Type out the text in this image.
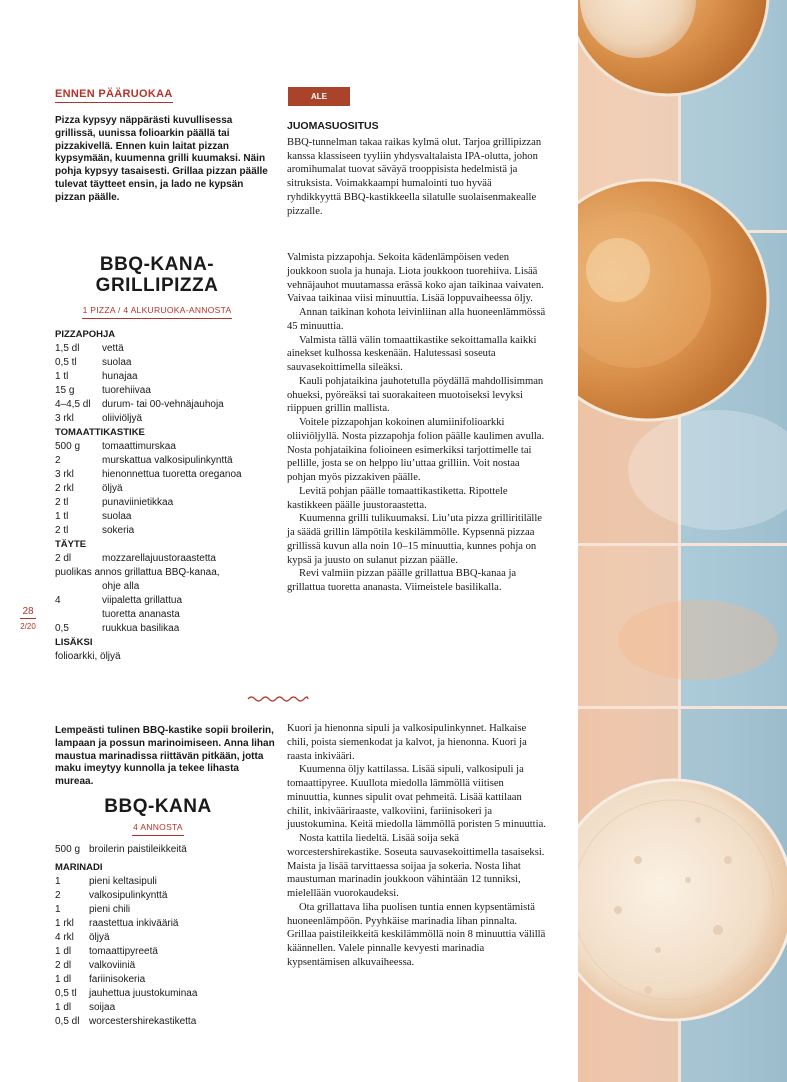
ENNEN PÄÄRUOKAA	ALE
Pizza kypsyy näppärästi kuvullisessa grillissä, uunissa folioarkin päällä tai pizzakivellä. Ennen kuin laitat pizzan kypsymään, kuumenna grilli kuumaksi. Näin pohja kypsyy tasaisesti. Grillaa pizzan päälle tulevat täytteet ensin, ja lado ne kypsän pizzan päälle.
JUOMASUOSITUS

BBQ-tunnelman takaa raikas kylmä olut. Tarjoa grillipizzan kanssa klassiseen tyyliin yhdysvaltalaista IPA-olutta, johon aromihumalat tuovat säväyä trooppisista hedelmistä ja sitruksista. Voimakkaampi humalointi tuo hyvää ryhdikkyyttä BBQ-kastikkeella silatulle suolaisenmakealle pizzalle.

BBQ-KANA-
GRILLIPIZZA
1 PIZZA / 4 ALKURUOKA-ANNOSTA
PIZZAPOHJA
1,5 dl	vettä
0,5 tl	suolaa
1 tl	hunajaa
15 g	tuorehiivaa
4–4,5 dl	durum- tai 00-vehnäjauhoja
3 rkl	oliiviöljyä
TOMAATTIKASTIKE
500 g	tomaattimurskaa
2	murskattua valkosipulinkynttä
3 rkl	hienonnettua tuoretta oreganoa
2 rkl	öljyä
2 tl	punaviinietikkaa
1 tl	suolaa
2 tl	sokeria
TÄYTE
2 dl	mozzarellajuustoraastetta
puolikas annos grillattua BBQ-kanaa,
ohje alla
4	viipaletta grillattua
tuoretta ananasta
0,5	ruukkua basilikaa
LISÄKSI
folioarkki, öljyä

Valmista pizzapohja. Sekoita kädenlämpöisen veden joukkoon suola ja hunaja. Liota joukkoon tuorehiiva. Lisää vehnäjauhot muutamassa erässä koko ajan taikinaa vaivaten. Vaivaa taikinaa viisi minuuttia. Lisää loppuvaiheessa öljy.

Annan taikinan kohota leivinliinan alla huoneenlämmössä 45 minuuttia.

Valmista tällä välin tomaattikastike sekoittamalla kaikki ainekset kulhossa keskenään. Halutessasi soseuta sauvasekoittimella sileäksi.

Kauli pohjataikina jauhotetulla pöydällä mahdollisimman ohueksi, pyöreäksi tai suorakaiteen muotoiseksi levyksi riippuen grillin mallista.

Voitele pizzapohjan kokoinen alumiinifolioarkki oliiviöljyllä. Nosta pizzapohja folion päälle kaulimen avulla. Nosta pohjataikina folioineen esimerkiksi tarjottimelle tai pellille, josta se on helppo liu’uttaa grilliin. Voit nostaa pohjan myös pizzakiven päälle.

Levitä pohjan päälle tomaattikastiketta. Ripottele kastikkeen päälle juustoraastetta.

Kuumenna grilli tulikuumaksi. Liu’uta pizza grilliritilälle ja säädä grillin lämpötila keskilämmölle. Kypsennä pizzaa grillissä kuvun alla noin 10–15 minuuttia, kunnes pohja on kypsä ja juusto on sulanut pizzan päälle.

Revi valmiin pizzan päälle grillattua BBQ-kanaa ja grillattua tuoretta ananasta. Viimeistele basilikalla.

28
2/20
Lempeästi tulinen BBQ-kastike sopii broilerin, lampaan ja possun marinoimiseen. Anna lihan maustua marinadissa riittävän pitkään, jotta maku imeytyy kunnolla ja tekee lihasta mureaa.
BBQ-KANA
4 ANNOSTA
500 g broilerin paistileikkeitä
MARINADI
1	pieni keltasipuli
2	valkosipulinkynttä
1	pieni chili
1 rkl	raastettua inkivääriä
4 rkl	öljyä
1 dl	tomaattipyreetä
2 dl	valkoviiniä
1 dl	fariinisokeria
0,5 tl	jauhettua juustokuminaa
1 dl	soijaa
0,5 dl worcestershirekastiketta

Kuori ja hienonna sipuli ja valkosipulinkynnet. Halkaise chili, poista siemenkodat ja kalvot, ja hienonna. Kuori ja raasta inkivääri.

Kuumenna öljy kattilassa. Lisää sipuli, valkosipuli ja tomaattipyree. Kuullota miedolla lämmöllä viitisen minuuttia, kunnes sipulit ovat pehmeitä. Lisää kattilaan chilit, inkivääriraaste, valkoviini, fariinisokeri ja juustokumina. Keitä miedolla lämmöllä poristen 5 minuuttia.

Nosta kattila liedeltä. Lisää soija sekä worcestershirekastike. Soseuta sauvasekoittimella tasaiseksi. Maista ja lisää tarvittaessa soijaa ja sokeria. Nosta lihat maustuman marinadin joukkoon vähintään 12 tunniksi, mielellään vuorokaudeksi.

Ota grillattava liha puolisen tuntia ennen kypsentämistä huoneenlämpöön. Pyyhkäise marinadia lihan pinnalta. Grillaa paistileikkeitä keskilämmöllä noin 8 minuuttia välillä käännellen. Valele pinnalle kevyesti marinadia kypsentämisen alkuvaiheessa.
